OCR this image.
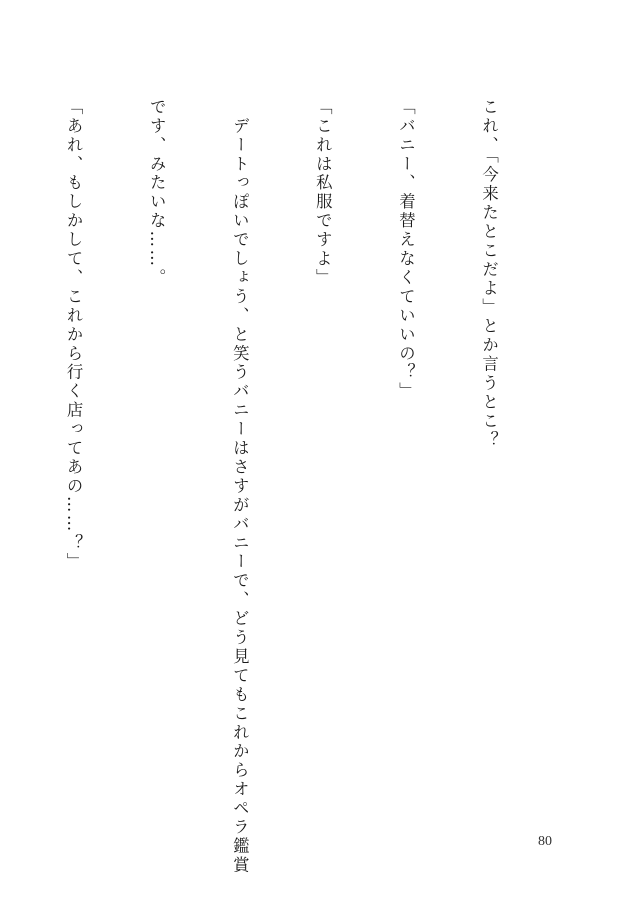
これ、「今来たとこだよ」とか言うとこ？

「バニー、着替えなくていいの？」

「これは私服ですよ」

　デートっぽいでしょう、と笑うバニーはさすがバニーで、どう見てもこれからオペラ鑑賞

です、みたいな……。

「あれ、もしかして、これから行く店ってあの……？」

80
